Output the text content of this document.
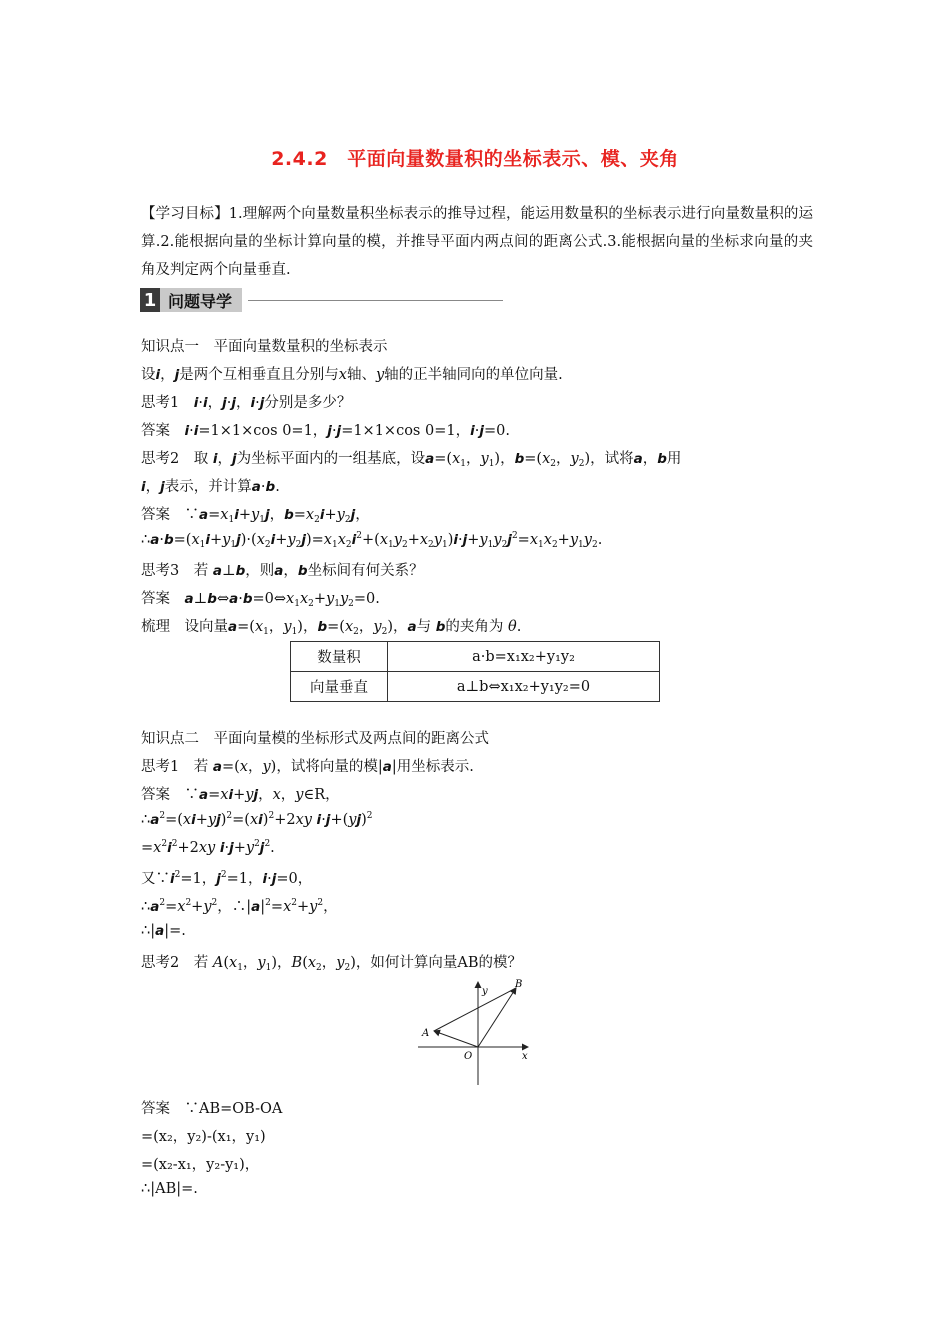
2.4.2　平面向量数量积的坐标表示、模、夹角
【学习目标】1.理解两个向量数量积坐标表示的推导过程，能运用数量积的坐标表示进行向量数量积的运算.2.能根据向量的坐标计算向量的模，并推导平面内两点间的距离公式.3.能根据向量的坐标求向量的夹角及判定两个向量垂直.
1 问题导学
知识点一　平面向量数量积的坐标表示
设i，j是两个互相垂直且分别与x轴、y轴的正半轴同向的单位向量.
思考1　 i·i，j·j，i·j分别是多少？
答案　 i·i=1×1×cos 0=1，j·j=1×1×cos 0=1，i·j=0.
思考2　取 i，j为坐标平面内的一组基底，设$a=(x_1$，$y_1$)，$b=(x_2$，$y_2$)，试将a，b用
i，j表示，并计算a·b.
答案　$\because a=x_1i+y_1j$，$b=x_2i+y_2j$，
$\therefore a\cdot b=(x_1i+y_1j)\cdot(x_2i+y_2j)=x_1x_2i^2+(x_1y_2+x_2y_1)i\cdot j+y_1y_2j^2=x_1x_2+y_1y_2$.
思考3　若 a⊥b，则a，b坐标间有何关系？
答案　 $a\perp b\Leftrightarrow a\cdot b=0\Leftrightarrow x_1x_2+y_1y_2=0$.
梳理　 设向量$a=(x_1$，$y_1$)，$b=(x_2$，$y_2$)，a与 b的夹角为 θ.
数量积	a·b=x₁x₂+y₁y₂
向量垂直	a⊥b⇔x₁x₂+y₁y₂=0
知识点二　平面向量模的坐标形式及两点间的距离公式
思考1　若 a=(x，y)，试将向量的模|a|用坐标表示.
答案　∵a=xi+yj，x，y∈R，
$\therefore a^2=(xi+yj)^2=(xi)^2+2xy$ i·j+(yj)$^2$
$=x^2i^2+2xy$ $i\cdot j+y^2j^2$.
又$\because i^2=1$，$j^2=1$，i·j=0，
$\therefore a^2=x^2+y^2$，$\therefore|a|^2=x^2+y^2$，
∴|a|=.
思考2　若 $A(x_1$，$y_1$)，$B(x_2$，$y_2$)，如何计算向量AB的模？
y
x
O
A
B
答案　 ∵AB=OB-OA
=(x₂，y₂)-(x₁，y₁)
=(x₂-x₁，y₂-y₁)，
∴|AB|=.
